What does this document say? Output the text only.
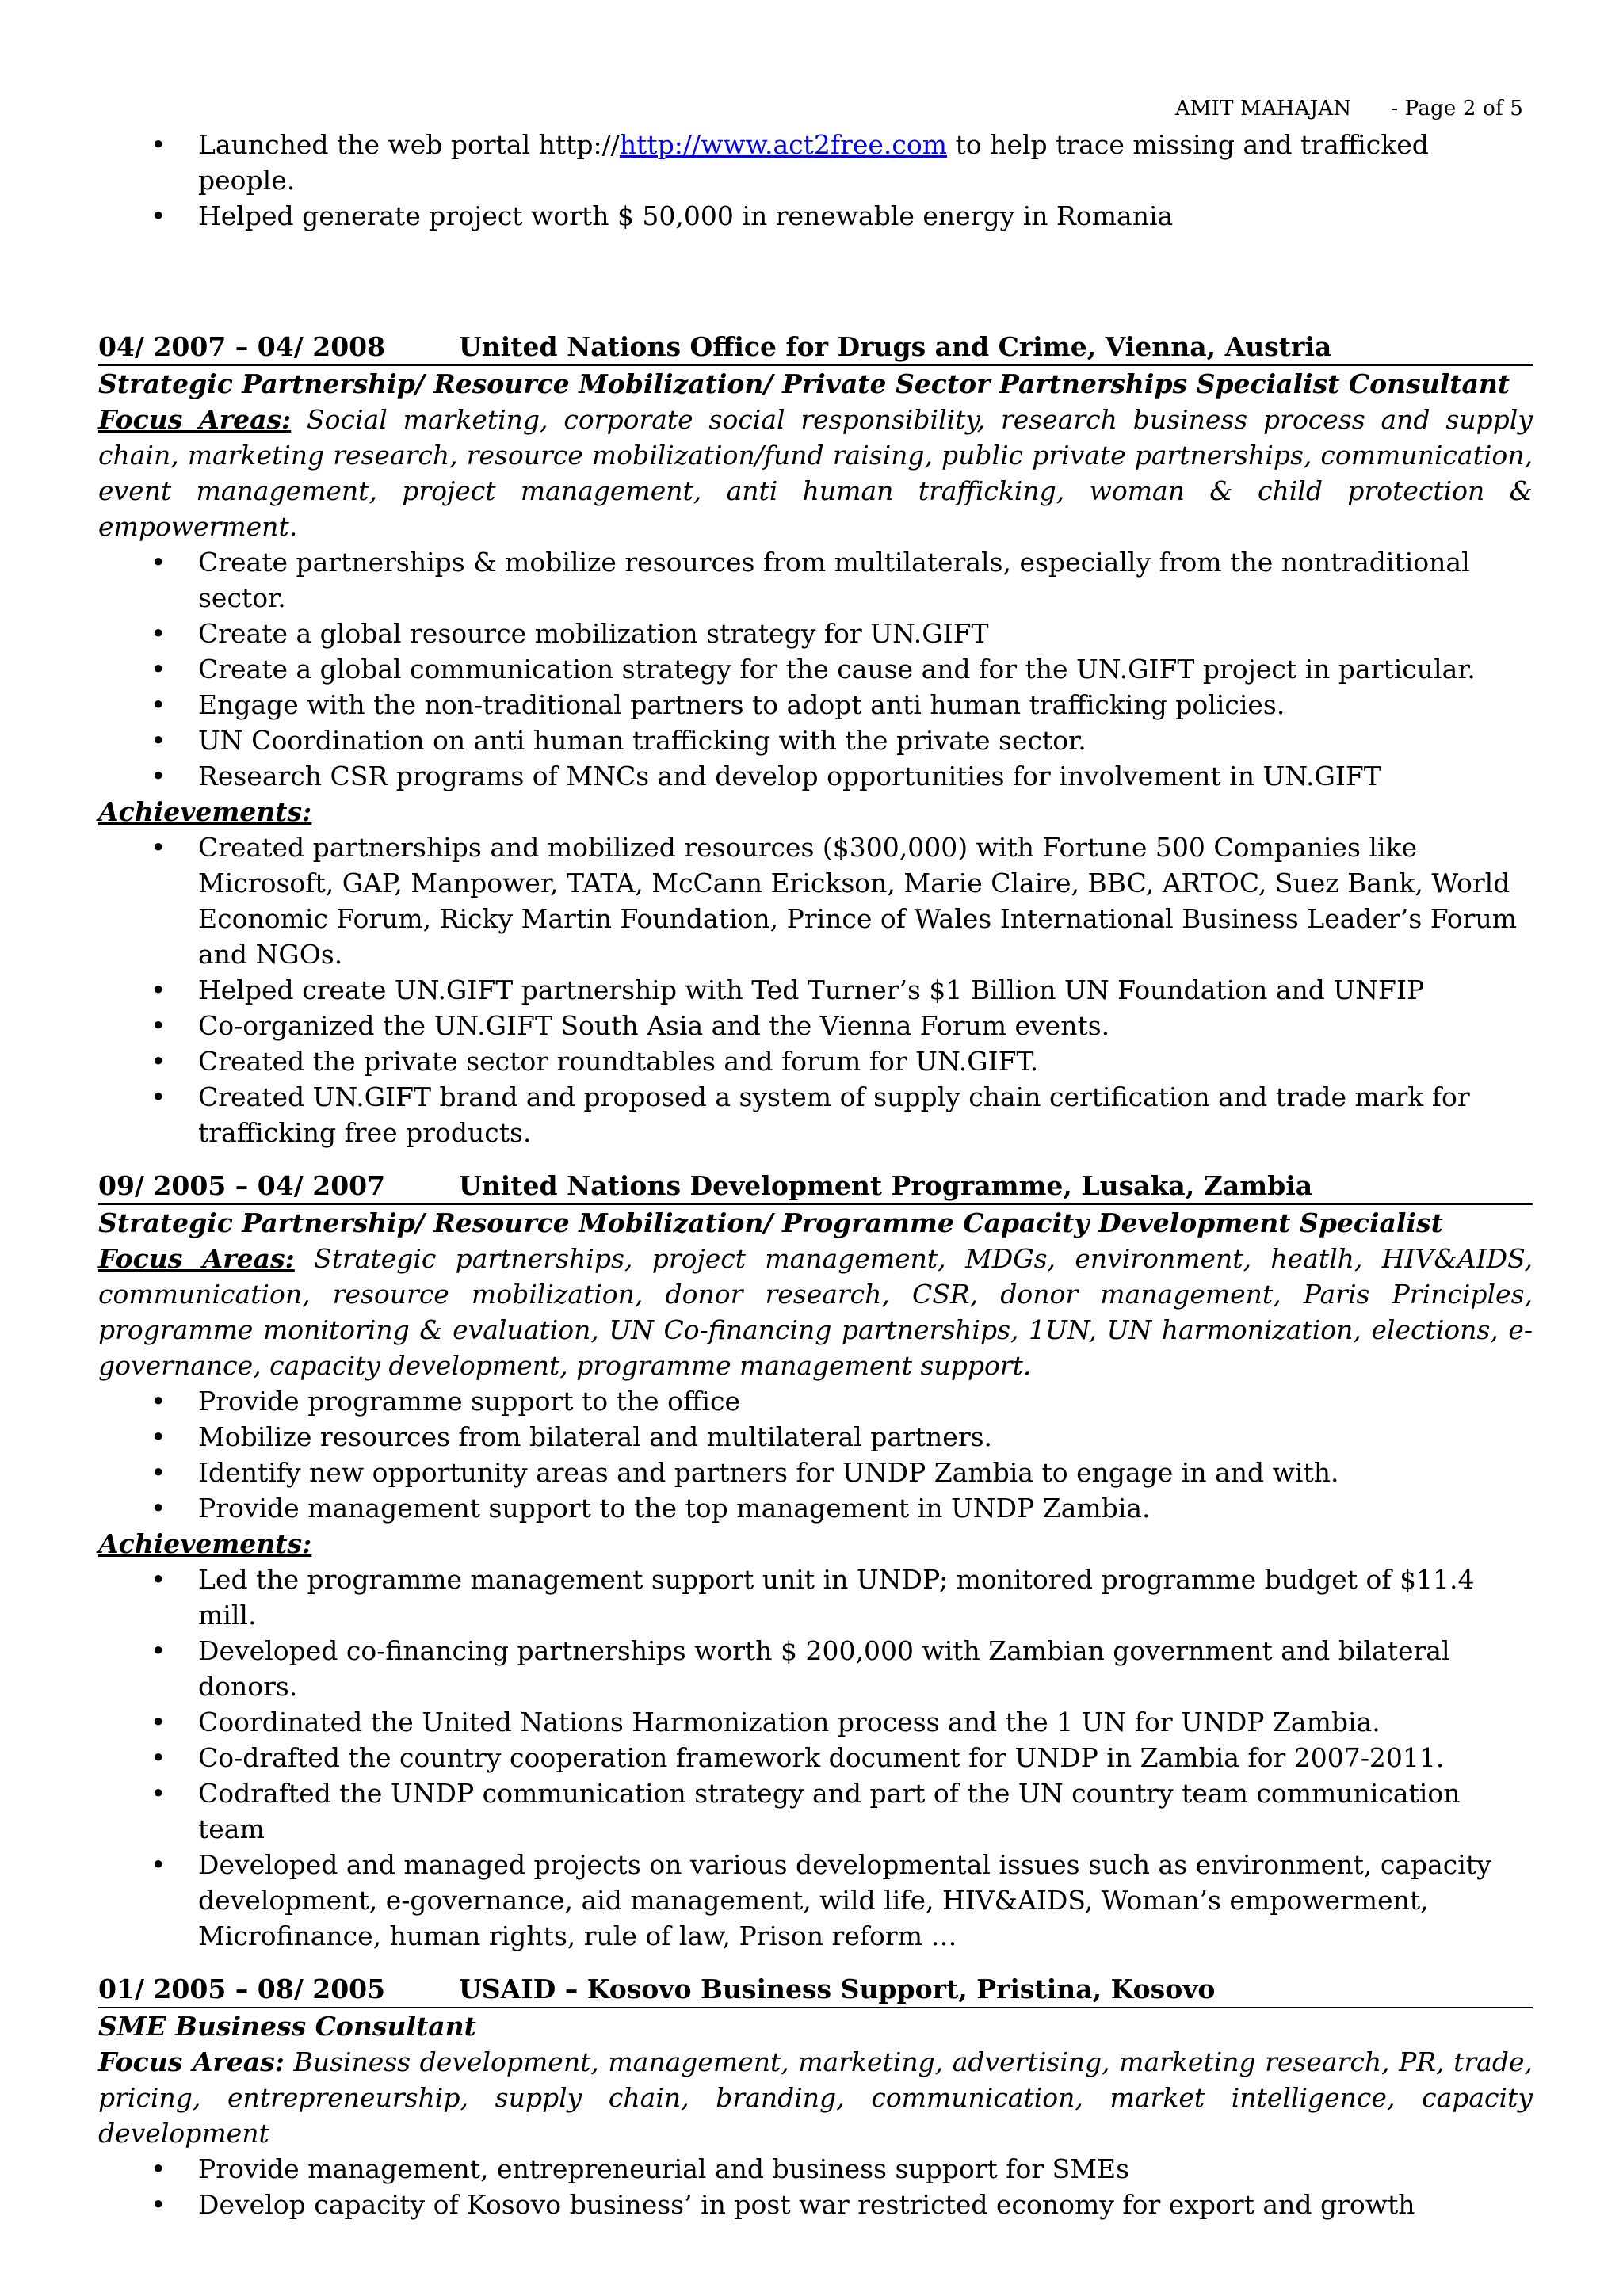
AMIT MAHAJAN - Page 2 of 5
• Launched the web portal http://http://www.act2free.com to help trace missing and trafficked people.
• Helped generate project worth $ 50,000 in renewable energy in Romania
04/ 2007 – 04/ 2008	United Nations Office for Drugs and Crime, Vienna, Austria
Strategic Partnership/ Resource Mobilization/ Private Sector Partnerships Specialist Consultant
Focus Areas: Social marketing, corporate social responsibility, research business process and supply chain, marketing research, resource mobilization/fund raising, public private partnerships, communication, event management, project management, anti human trafficking, woman & child protection & empowerment.
• Create partnerships & mobilize resources from multilaterals, especially from the nontraditional sector.
• Create a global resource mobilization strategy for UN.GIFT
• Create a global communication strategy for the cause and for the UN.GIFT project in particular.
• Engage with the non-traditional partners to adopt anti human trafficking policies.
• UN Coordination on anti human trafficking with the private sector.
• Research CSR programs of MNCs and develop opportunities for involvement in UN.GIFT
Achievements:
• Created partnerships and mobilized resources ($300,000) with Fortune 500 Companies like Microsoft, GAP, Manpower, TATA, McCann Erickson, Marie Claire, BBC, ARTOC, Suez Bank, World Economic Forum, Ricky Martin Foundation, Prince of Wales International Business Leader’s Forum and NGOs.
• Helped create UN.GIFT partnership with Ted Turner’s $1 Billion UN Foundation and UNFIP
• Co-organized the UN.GIFT South Asia and the Vienna Forum events.
• Created the private sector roundtables and forum for UN.GIFT.
• Created UN.GIFT brand and proposed a system of supply chain certification and trade mark for trafficking free products.
09/ 2005 – 04/ 2007	United Nations Development Programme, Lusaka, Zambia
Strategic Partnership/ Resource Mobilization/ Programme Capacity Development Specialist
Focus Areas: Strategic partnerships, project management, MDGs, environment, heatlh, HIV&AIDS, communication, resource mobilization, donor research, CSR, donor management, Paris Principles, programme monitoring & evaluation, UN Co-financing partnerships, 1UN, UN harmonization, elections, e-governance, capacity development, programme management support.
• Provide programme support to the office
• Mobilize resources from bilateral and multilateral partners.
• Identify new opportunity areas and partners for UNDP Zambia to engage in and with.
• Provide management support to the top management in UNDP Zambia.
Achievements:
• Led the programme management support unit in UNDP; monitored programme budget of $11.4 mill.
• Developed co-financing partnerships worth $ 200,000 with Zambian government and bilateral donors.
• Coordinated the United Nations Harmonization process and the 1 UN for UNDP Zambia.
• Co-drafted the country cooperation framework document for UNDP in Zambia for 2007-2011.
• Codrafted the UNDP communication strategy and part of the UN country team communication team
• Developed and managed projects on various developmental issues such as environment, capacity development, e-governance, aid management, wild life, HIV&AIDS, Woman’s empowerment, Microfinance, human rights, rule of law, Prison reform …
01/ 2005 – 08/ 2005	USAID – Kosovo Business Support, Pristina, Kosovo
SME Business Consultant
Focus Areas: Business development, management, marketing, advertising, marketing research, PR, trade, pricing, entrepreneurship, supply chain, branding, communication, market intelligence, capacity development
• Provide management, entrepreneurial and business support for SMEs
• Develop capacity of Kosovo business’ in post war restricted economy for export and growth
